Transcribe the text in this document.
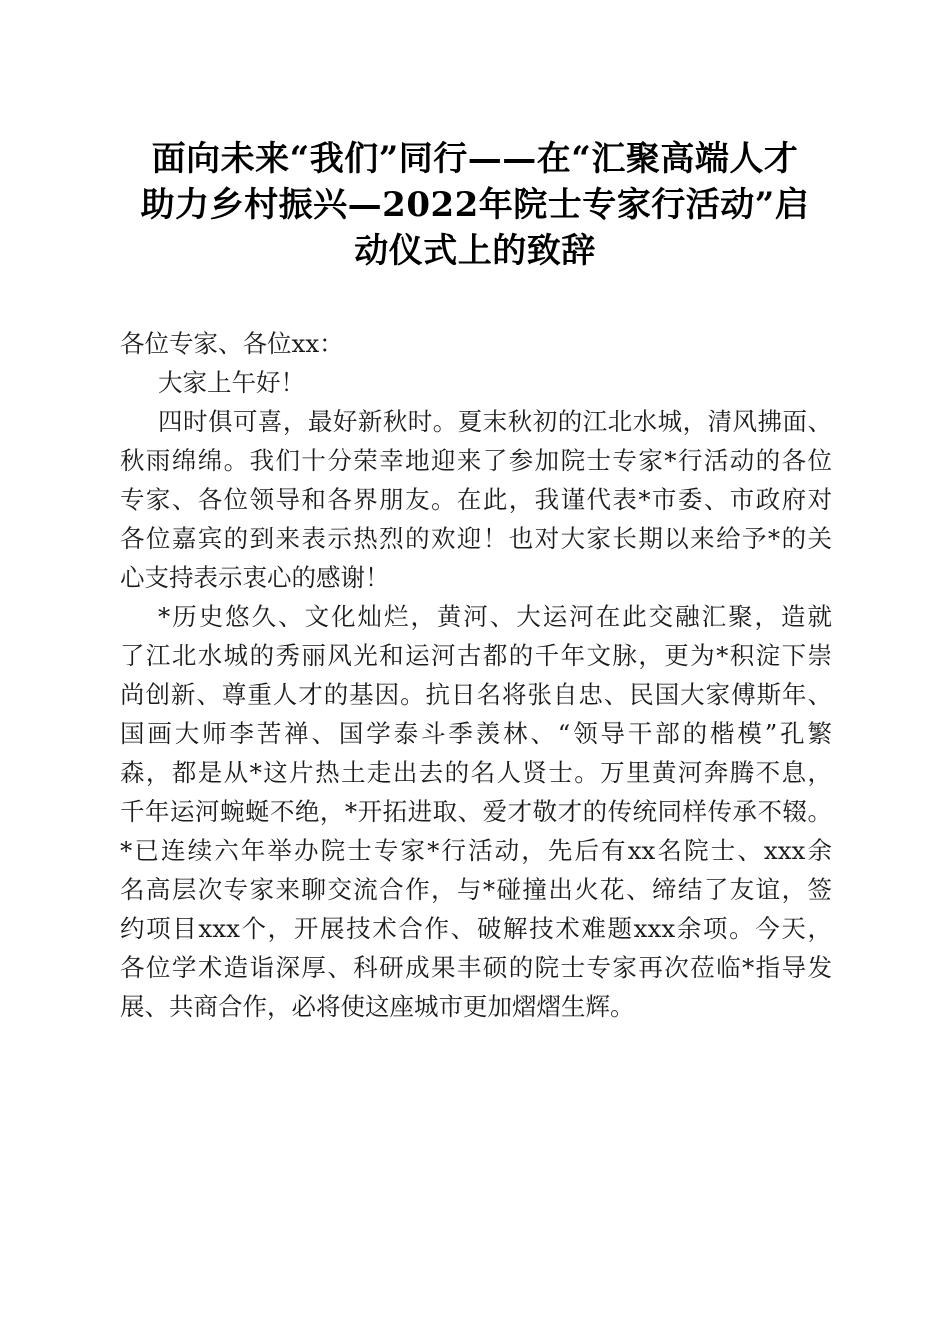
面向未来“我们”同行——在“汇聚高端人才
助力乡村振兴—2022年院士专家行活动”启
动仪式上的致辞
各位专家、各位xx：
大家上午好！
四时俱可喜，最好新秋时。夏末秋初的江北水城，清风拂面、
秋雨绵绵。我们十分荣幸地迎来了参加院士专家*行活动的各位
专家、各位领导和各界朋友。在此，我谨代表*市委、市政府对
各位嘉宾的到来表示热烈的欢迎！也对大家长期以来给予*的关
心支持表示衷心的感谢！
*历史悠久、文化灿烂，黄河、大运河在此交融汇聚，造就
了江北水城的秀丽风光和运河古都的千年文脉，更为*积淀下崇
尚创新、尊重人才的基因。抗日名将张自忠、民国大家傅斯年、
国画大师李苦禅、国学泰斗季羡林、“领导干部的楷模”孔繁
森，都是从*这片热土走出去的名人贤士。万里黄河奔腾不息，
千年运河蜿蜒不绝，*开拓进取、爱才敬才的传统同样传承不辍。
*已连续六年举办院士专家*行活动，先后有xx名院士、xxx余
名高层次专家来聊交流合作，与*碰撞出火花、缔结了友谊，签
约项目xxx个，开展技术合作、破解技术难题xxx余项。今天，
各位学术造诣深厚、科研成果丰硕的院士专家再次莅临*指导发
展、共商合作，必将使这座城市更加熠熠生辉。
